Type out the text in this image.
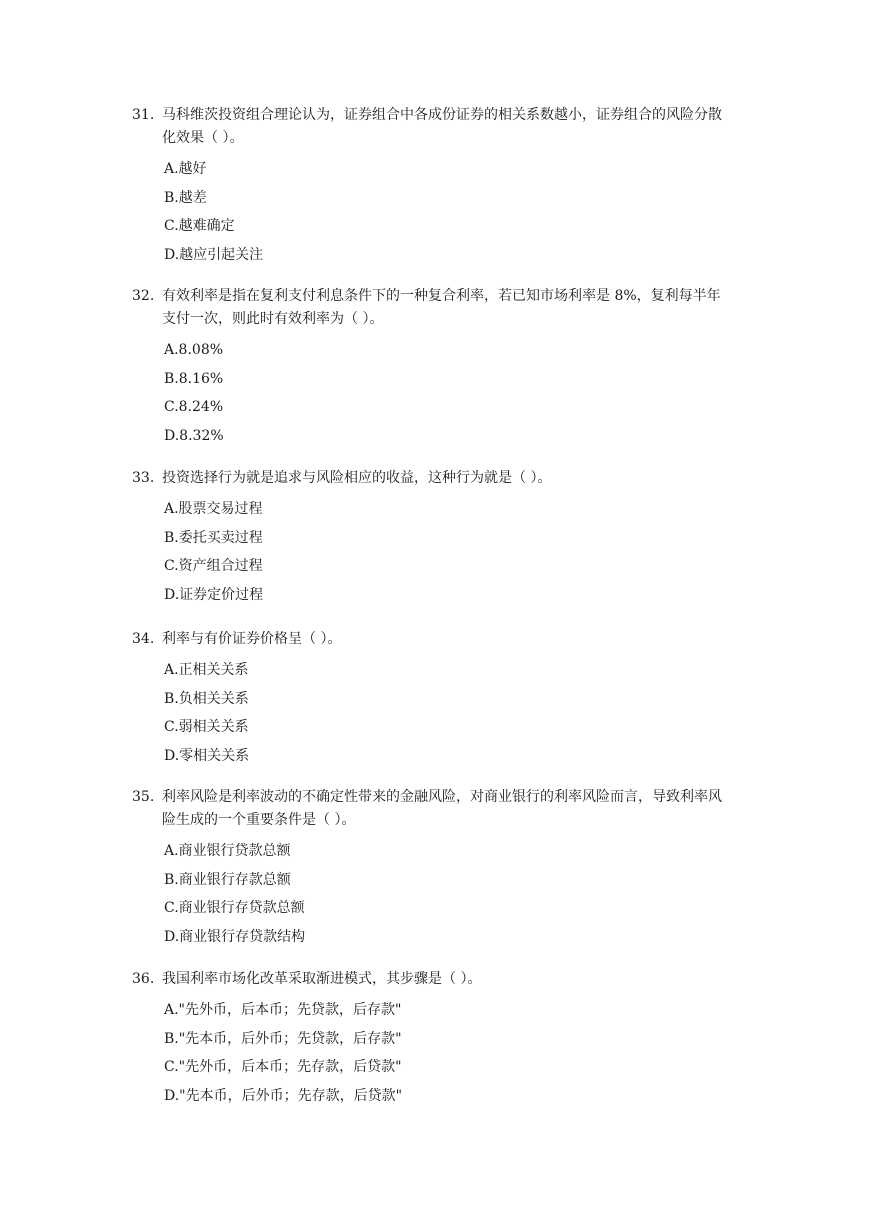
31. 马科维茨投资组合理论认为，证券组合中各成份证券的相关系数越小，证券组合的风险分散化效果（ ）。
A.越好
B.越差
C.越难确定
D.越应引起关注
32. 有效利率是指在复利支付利息条件下的一种复合利率，若已知市场利率是 8%，复利每半年支付一次，则此时有效利率为（ ）。
A.8.08%
B.8.16%
C.8.24%
D.8.32%
33. 投资选择行为就是追求与风险相应的收益，这种行为就是（ ）。
A.股票交易过程
B.委托买卖过程
C.资产组合过程
D.证券定价过程
34. 利率与有价证券价格呈（ ）。
A.正相关关系
B.负相关关系
C.弱相关关系
D.零相关关系
35. 利率风险是利率波动的不确定性带来的金融风险，对商业银行的利率风险而言，导致利率风险生成的一个重要条件是（ ）。
A.商业银行贷款总额
B.商业银行存款总额
C.商业银行存贷款总额
D.商业银行存贷款结构
36. 我国利率市场化改革采取渐进模式，其步骤是（ ）。
A."先外币，后本币；先贷款，后存款"
B."先本币，后外币；先贷款，后存款"
C."先外币，后本币；先存款，后贷款"
D."先本币，后外币；先存款，后贷款"
